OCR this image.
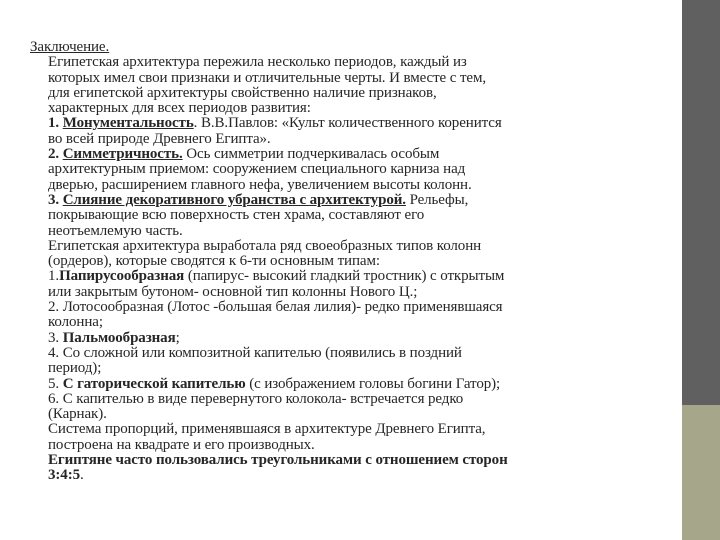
Заключение.
Египетская архитектура пережила несколько периодов, каждый из
которых имел свои признаки и отличительные черты. И вместе с тем,
для египетской архитектуры свойственно наличие признаков,
характерных для всех периодов развития:
1. Монументальность. В.В.Павлов: «Культ количественного коренится
во всей природе Древнего Египта».
2. Симметричность. Ось симметрии подчеркивалась особым
архитектурным приемом: сооружением специального карниза над
дверью, расширением главного нефа, увеличением высоты колонн.
3. Слияние декоративного убранства с архитектурой. Рельефы,
покрывающие всю поверхность стен храма, составляют его
неотъемлемую часть.
Египетская архитектура выработала ряд своеобразных типов колонн
(ордеров), которые сводятся к 6-ти основным типам:
1.Папирусообразная (папирус- высокий гладкий тростник) с открытым
или закрытым бутоном- основной тип колонны Нового Ц.;
2. Лотосообразная (Лотос -большая белая лилия)- редко применявшаяся
колонна;
3. Пальмообразная;
4. Со сложной или композитной капителью (появились в поздний
период);
5. С гаторической капителью (с изображением головы богини Гатор);
6. С капителью в виде перевернутого колокола- встречается редко
(Карнак).
Система пропорций, применявшаяся в архитектуре Древнего Египта,
построена на квадрате и его производных.
Египтяне часто пользовались треугольниками с отношением сторон
3:4:5.
